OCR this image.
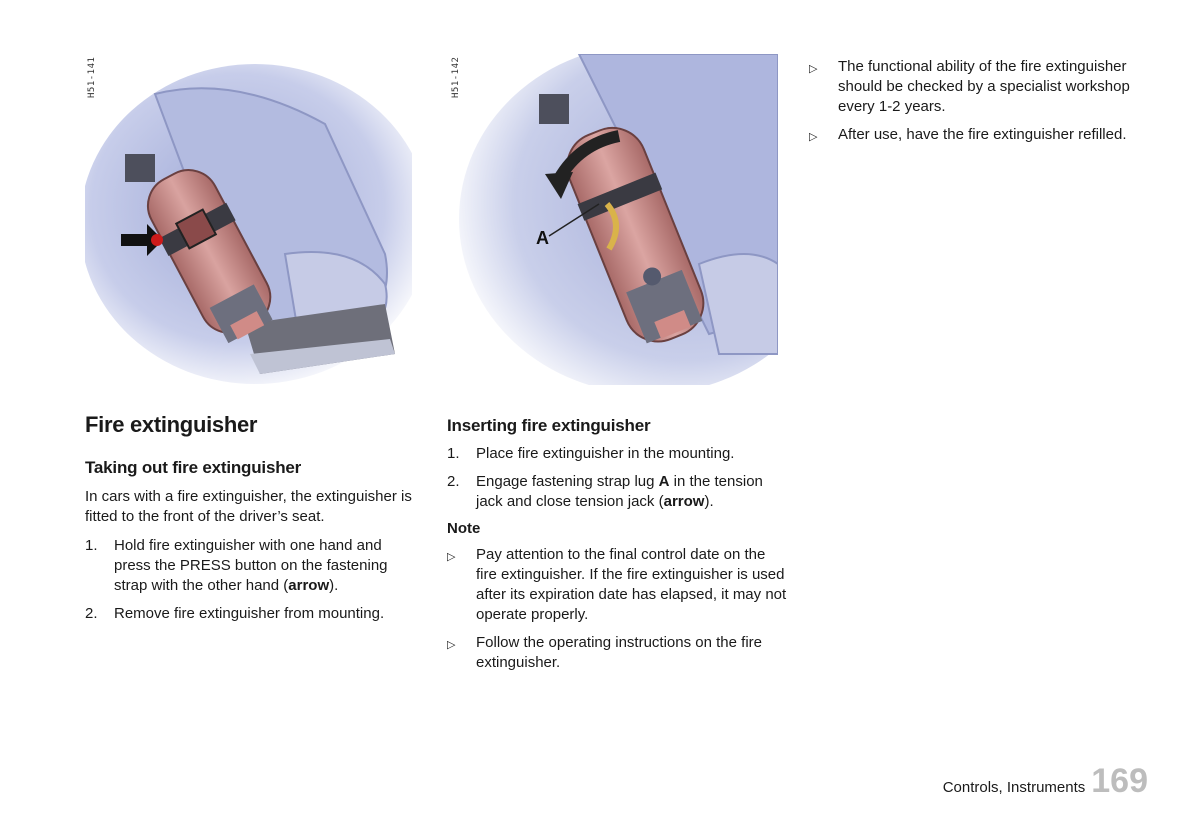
H51-141
A
H51-142
Fire extinguisher
Taking out fire extinguisher

In cars with a fire extinguisher, the extinguisher is fitted to the front of the driver’s seat.

1. Hold fire extinguisher with one hand and press the PRESS button on the fastening strap with the other hand (arrow).
2. Remove fire extinguisher from mounting.
Inserting fire extinguisher
1. Place fire extinguisher in the mounting.
2. Engage fastening strap lug A in the tension jack and close tension jack (arrow).
Note
▷ Pay attention to the final control date on the fire extinguisher. If the fire extinguisher is used after its expiration date has elapsed, it may not operate properly.
▷ Follow the operating instructions on the fire extinguisher.
▷ The functional ability of the fire extinguisher should be checked by a specialist workshop every 1-2 years.
▷ After use, have the fire extinguisher refilled.
Controls, Instruments 169
